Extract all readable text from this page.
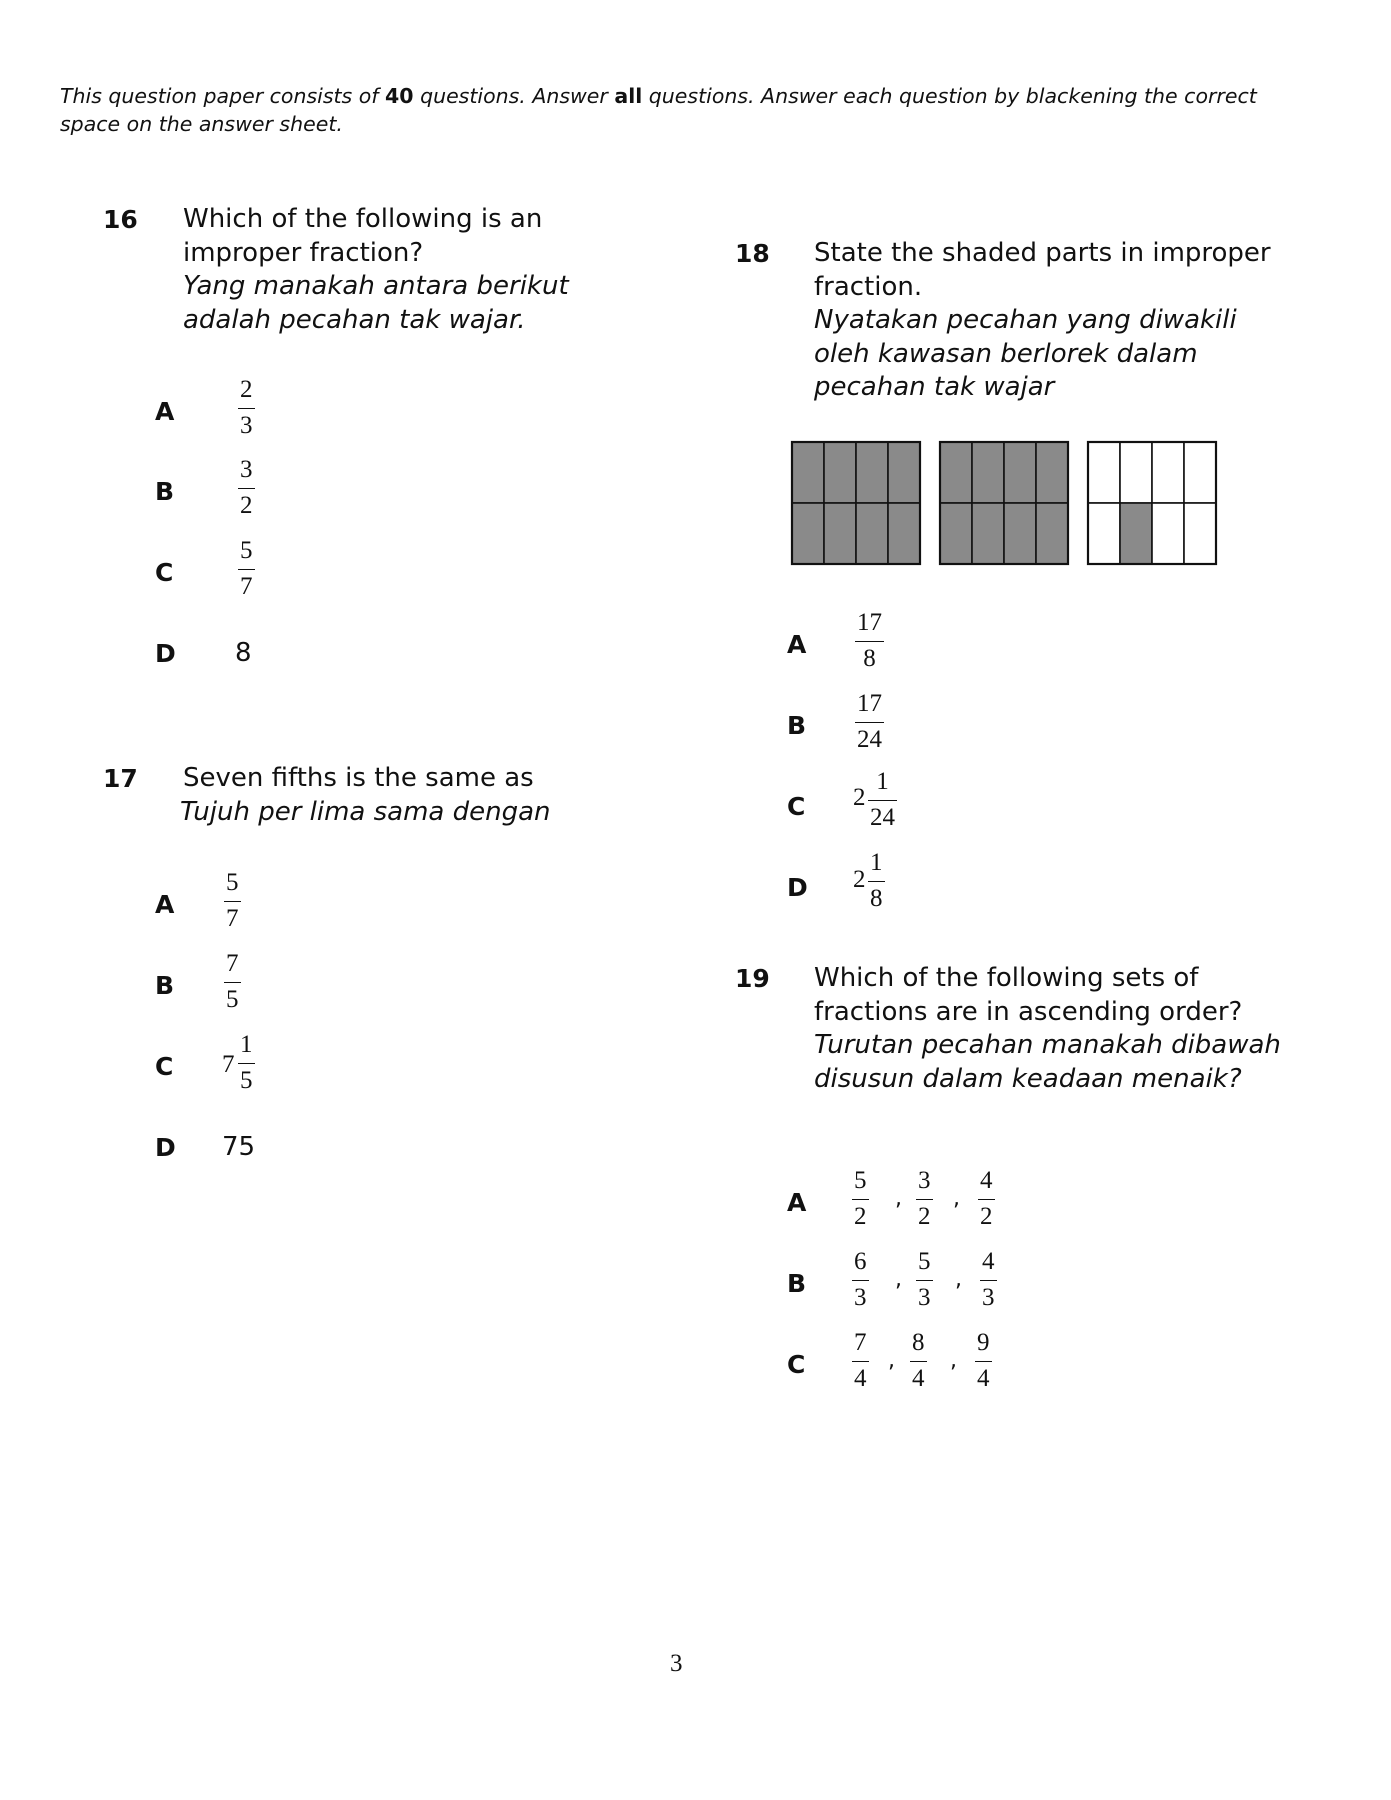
This question paper consists of 40 questions. Answer all questions. Answer each question by blackening the correct space on the answer sheet.
16 Which of the following is an improper fraction?
Yang manakah antara berikut adalah pecahan tak wajar.
A
2
3
B
3
2
C
5
7
D 8
17 Seven fifths is the same as
Tujuh per lima sama dengan
A
5
7
B
7
5
C 7
1
5
D 75
18 State the shaded parts in improper fraction.
Nyatakan pecahan yang diwakili oleh kawasan berlorek dalam pecahan tak wajar
A
17
8
B
17
24
C 2
1
24
D 2
1
8
19 Which of the following sets of fractions are in ascending order?
Turutan pecahan manakah dibawah disusun dalam keadaan menaik?
A
5
2
,
3
2
,
4
2
B
6
3
,
5
3
,
4
3
C
7
4
,
8
4
,
9
4
3
